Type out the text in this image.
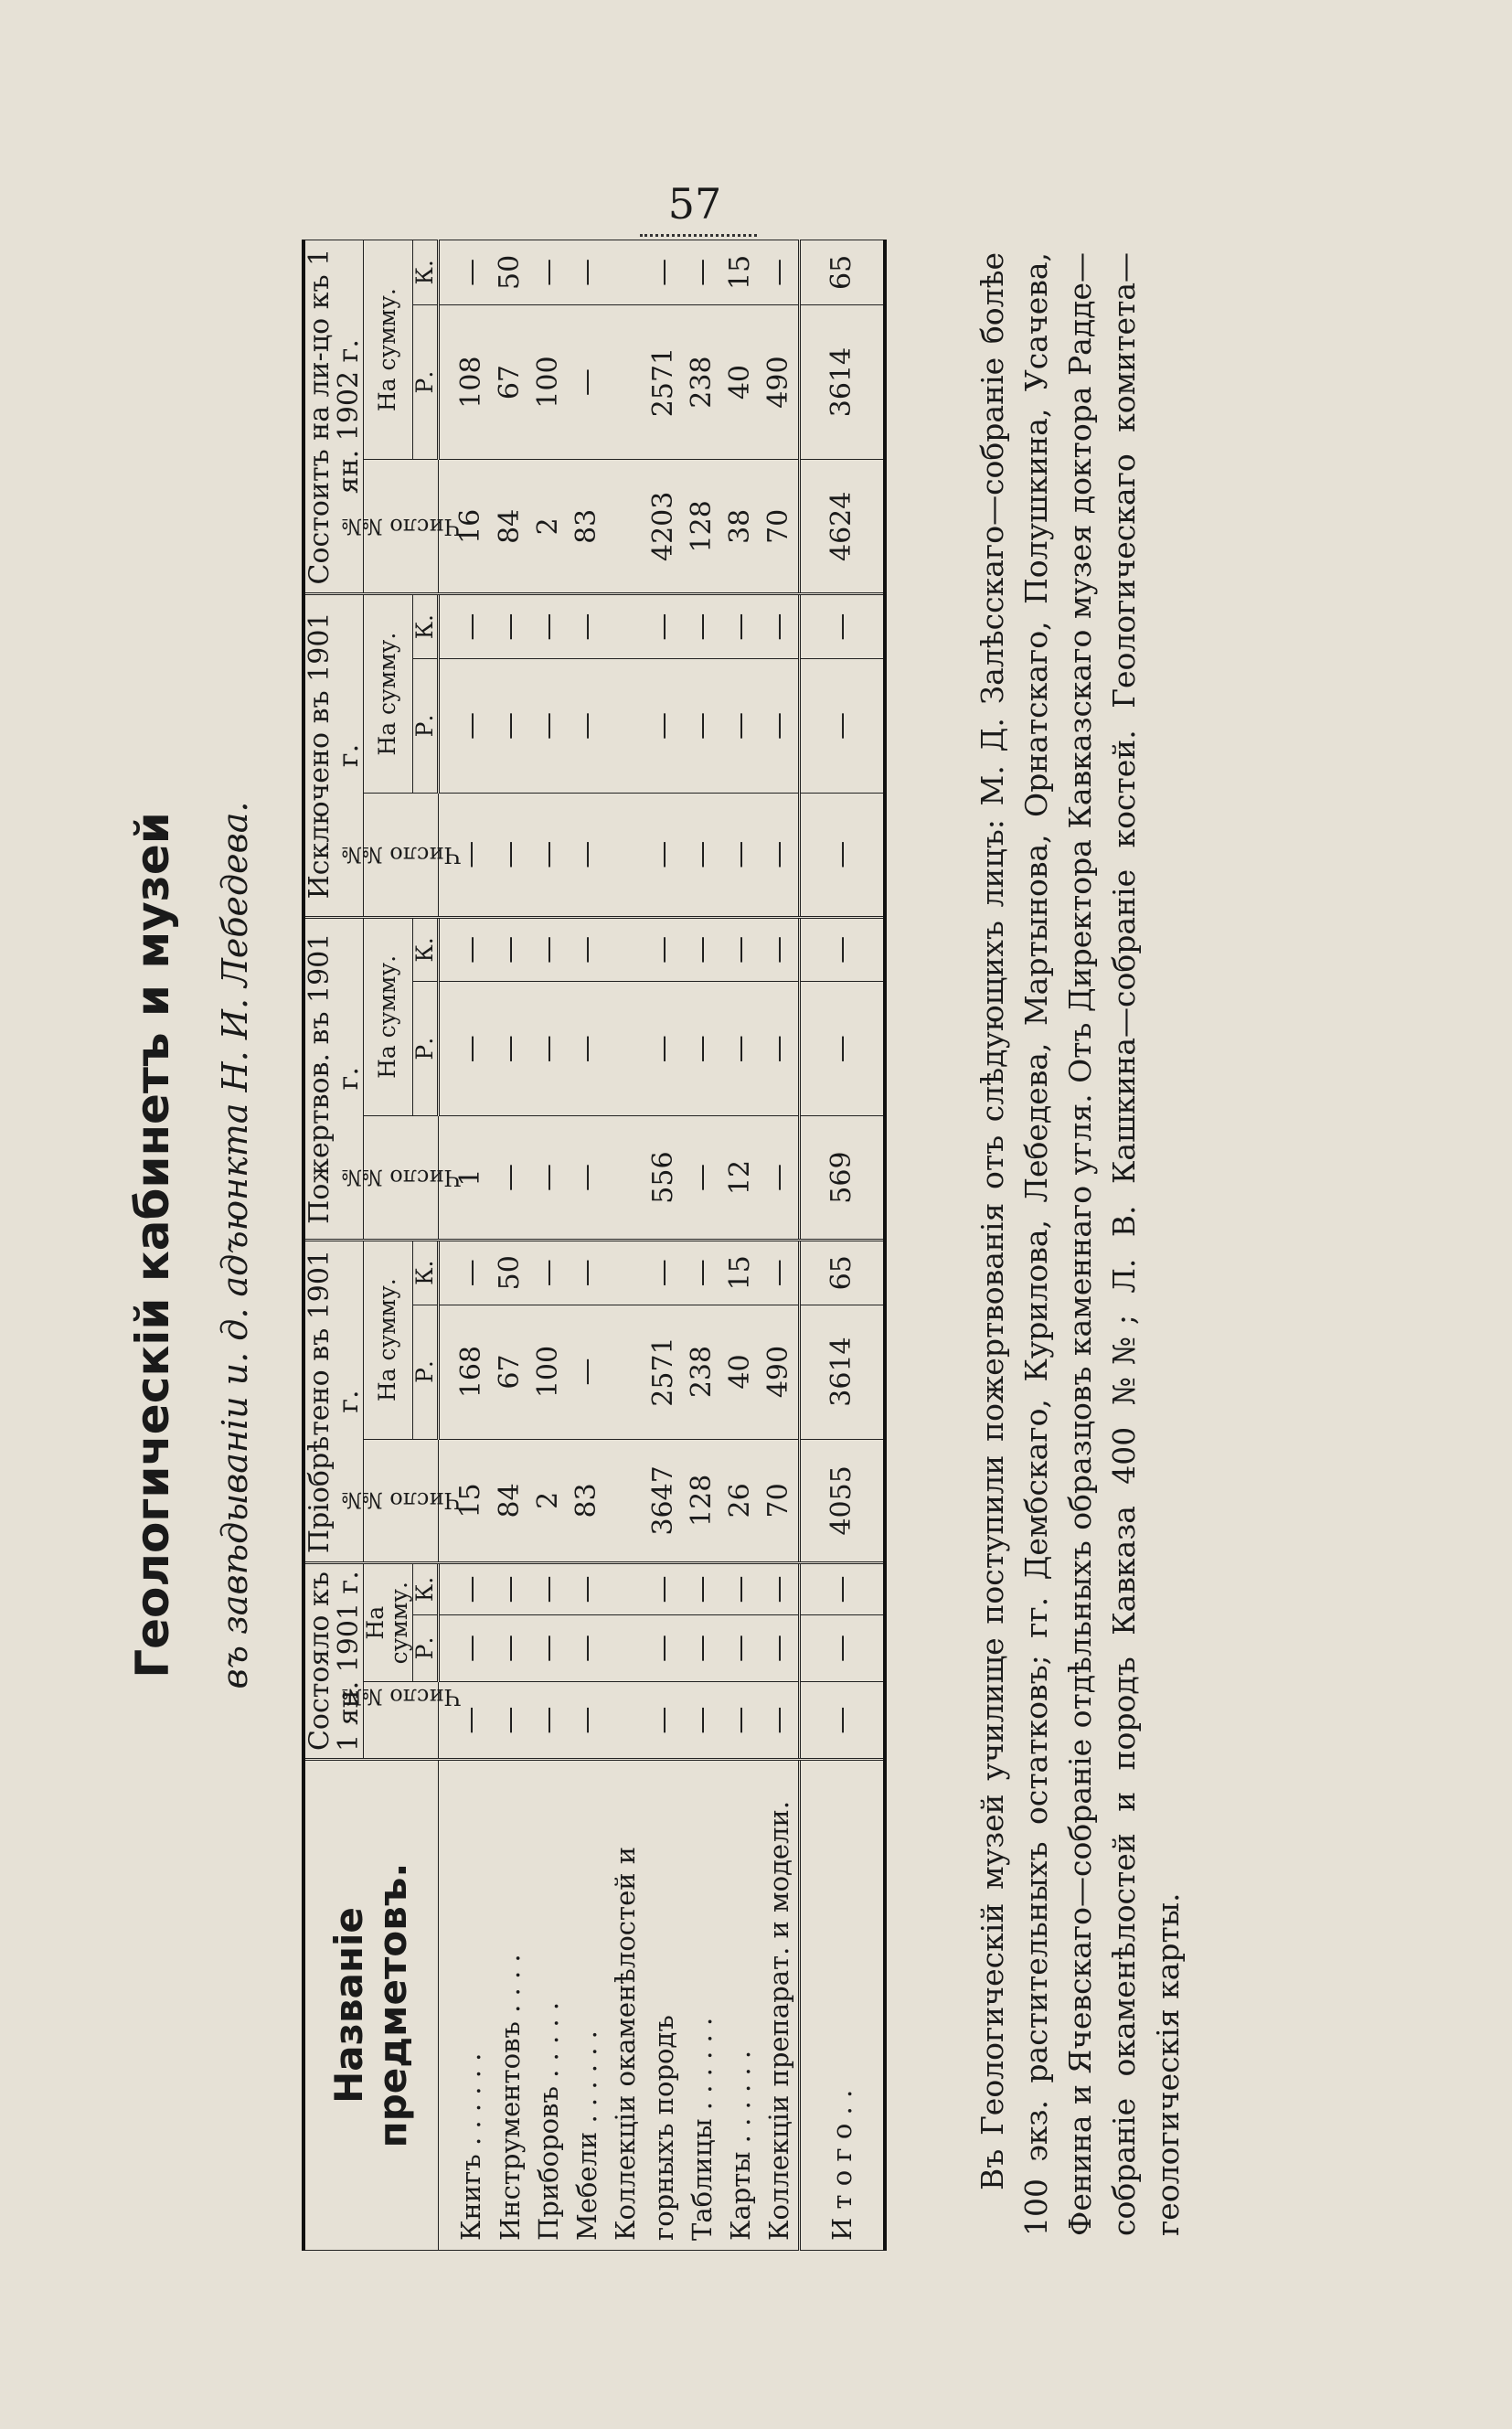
57
Геологическій кабинетъ и музей	въ завѣдываніи и. д. адъюнкта Н. И. Лебедева.
Названіе предметовъ.	Состояло къ 1 ян. 1901 г.			Пріобрѣтено въ 1901 г.			Пожертвов. въ 1901 г.			Исключено въ 1901 г.			Состоитъ на ли-цо къ 1 ян. 1902 г.		
	Число №№	На сумму.		Число №№	На сумму.		Число №№	На сумму.		Число №№	На сумму.		Число №№	На сумму.	
		Р.	К.		Р.	К.		Р.	К.		Р.	К.		Р.	К.
Книгъ . . . . . .	—	—	—	15	168	—	1	—	—	—	—	—	16	108	—
Инструментовъ . . . .	—	—	—	84	67	50	—	—	—	—	—	—	84	67	50
Приборовъ . . . . .	—	—	—	2	100	—	—	—	—	—	—	—	2	100	—
Мебели . . . . . .	—	—	—	83	—	—	—	—	—	—	—	—	83	—	—
Коллекціи окаменѣлостей и															
горныхъ породъ	—	—	—	3647	2571	—	556	—	—	—	—	—	4203	2571	—
Таблицы . . . . . .	—	—	—	128	238	—	—	—	—	—	—	—	128	238	—
Карты . . . . . .	—	—	—	26	40	15	12	—	—	—	—	—	38	40	15
Коллекціи препарат. и модели.	—	—	—	70	490	—	—	—	—	—	—	—	70	490	—
И т о г о . .	—	—	—	4055	3614	65	569	—	—	—	—	—	4624	3614	65	Въ Геологическій музей училище поступили пожертвованія отъ слѣдующихъ лицъ: М. Д. Залѣсскаго—собраніе болѣе 100 экз. растительныхъ остатковъ; гг. Дембскаго, Курилова, Лебедева, Мартынова, Орнатскаго, Полушкина, Усачева, Фенина и Ячевскаго—собраніе отдѣльныхъ образцовъ каменнаго угля. Отъ Директора Кавказскаго музея доктора Радде—собраніе окаменѣлостей и породъ Кавказа 400 №№; Л. В. Кашкина—собраніе костей. Геологическаго комитета—геологическія карты.
